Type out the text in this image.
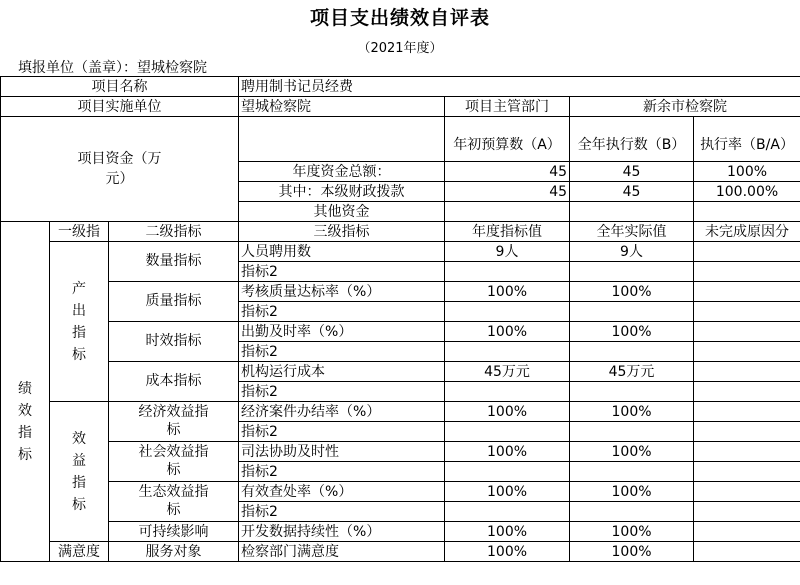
项目支出绩效自评表
（2021年度）
填报单位（盖章）：望城检察院
项目名称			聘用制书记员经费			
项目实施单位			望城检察院	项目主管部门	新余市检察院	
项目资金（万元）				年初预算数（A）	全年执行数（B）	执行率（B/A）
			年度资金总额：	45	45	100%
			其中：本级财政拨款	45	45	100.00%
			其他资金			
绩效指标	一级指	二级指标	三级指标	年度指标值	全年实际值	未完成原因分
	产出指标	数量指标	人员聘用数	9人	9人	
			指标2			
		质量指标	考核质量达标率（%）	100%	100%	
			指标2			
		时效指标	出勤及时率（%）	100%	100%	
			指标2			
		成本指标	机构运行成本	45万元	45万元	
			指标2			
	效益指标	经济效益指标	经济案件办结率（%）	100%	100%	
			指标2			
		社会效益指标	司法协助及时性	100%	100%	
			指标2			
		生态效益指标	有效查处率（%）	100%	100%	
			指标2			
		可持续影响	开发数据持续性（%）	100%	100%	
	满意度	服务对象	检察部门满意度	100%	100%	
